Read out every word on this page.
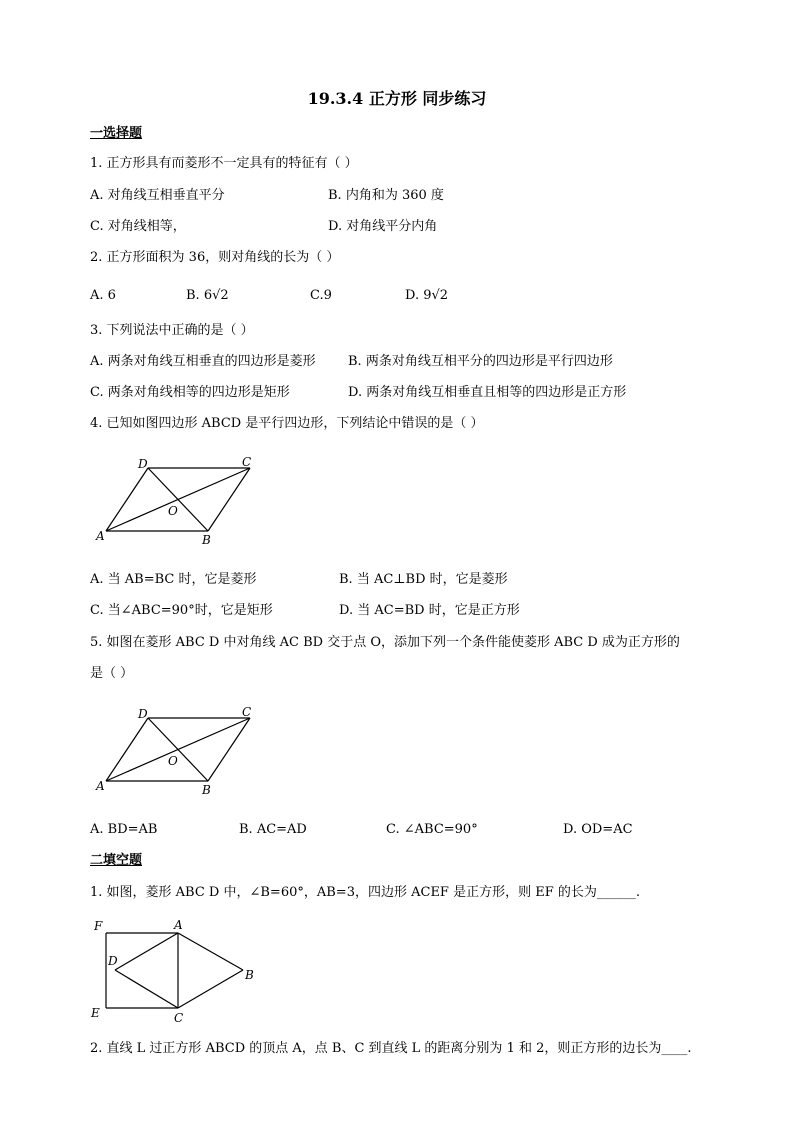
19.3.4 正方形 同步练习
一选择题
1. 正方形具有而菱形不一定具有的特征有（ ）
A. 对角线互相垂直平分	B. 内角和为 360 度
C. 对角线相等，	D. 对角线平分内角
2. 正方形面积为 36，则对角线的长为（ ）
A. 6	B. 6√2	C.9	D. 9√2
3. 下列说法中正确的是（ ）
A. 两条对角线互相垂直的四边形是菱形 B. 两条对角线互相平分的四边形是平行四边形
C. 两条对角线相等的四边形是矩形	D. 两条对角线互相垂直且相等的四边形是正方形
4. 已知如图四边形 ABCD 是平行四边形，下列结论中错误的是（ ）
D	C
O
A	B
A. 当 AB=BC 时，它是菱形	B. 当 AC⊥BD 时，它是菱形
C. 当∠ABC=90°时，它是矩形	D. 当 AC=BD 时，它是正方形
5. 如图在菱形 ABC D 中对角线 AC BD 交于点 O，添加下列一个条件能使菱形 ABC D 成为正方形的
是（ ）
D	C
O
A	B
A. BD=AB	B. AC=AD	C. ∠ABC=90°	D. OD=AC
二填空题
1. 如图，菱形 ABC D 中，∠B=60°，AB=3，四边形 ACEF 是正方形，则 EF 的长为______.
F	A
D
B
E	C
2. 直线 L 过正方形 ABCD 的顶点 A，点 B、C 到直线 L 的距离分别为 1 和 2，则正方形的边长为____.
